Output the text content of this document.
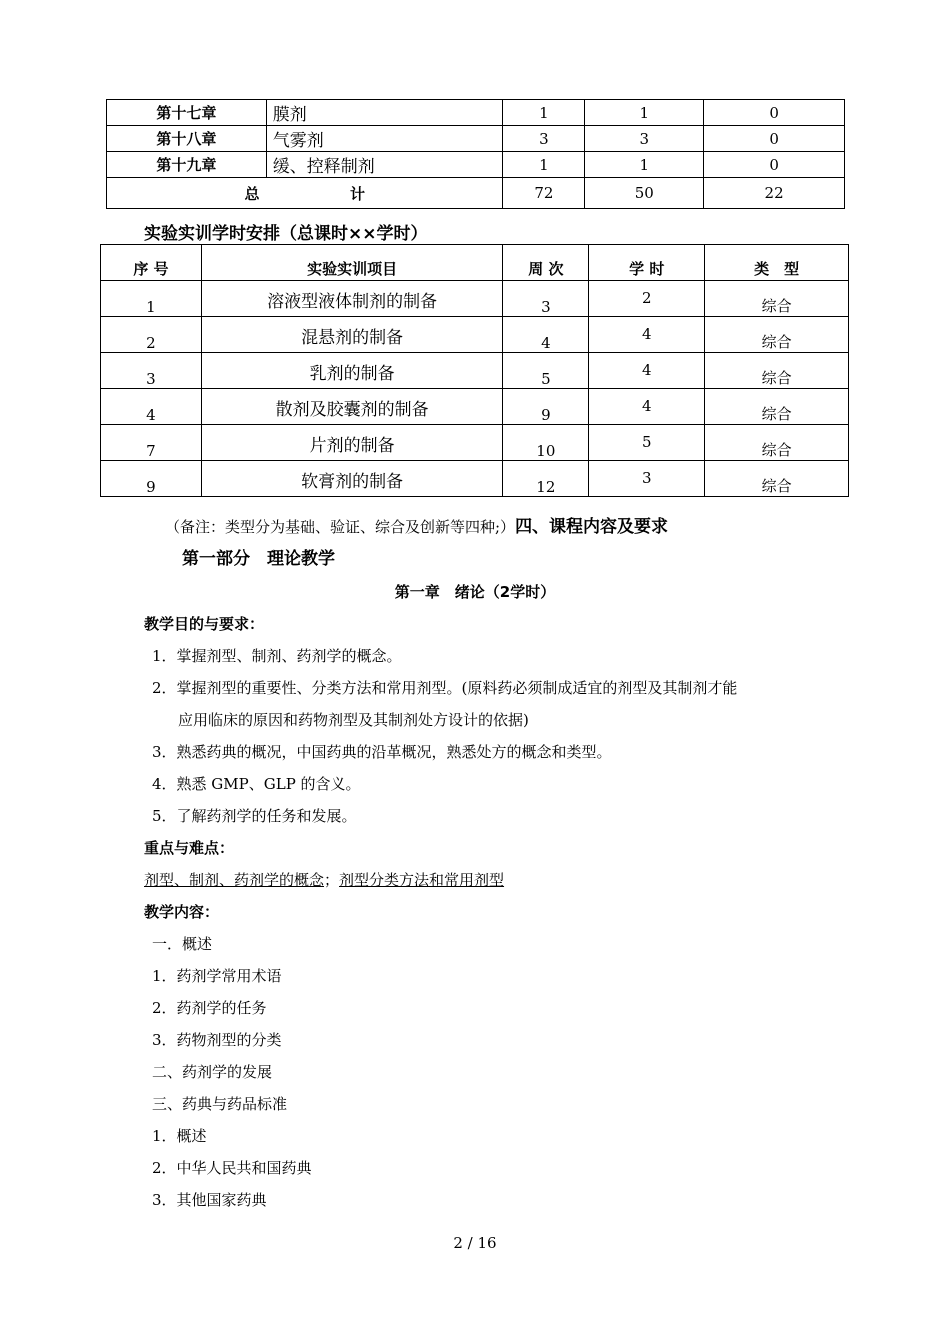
第十七章	膜剂	1	1	0
第十八章	气雾剂	3	3	0
第十九章	缓、控释制剂	1	1	0
总 计		72	50	22
实验实训学时安排（总课时××学时）
序 号	实验实训项目	周 次	学 时	类　型
1	溶液型液体制剂的制备	3	2	综合
2	混悬剂的制备	4	4	综合
3	乳剂的制备	5	4	综合
4	散剂及胶囊剂的制备	9	4	综合
7	片剂的制备	10	5	综合
9	软膏剂的制备	12	3	综合
（备注：类型分为基础、验证、综合及创新等四种;）四、课程内容及要求
第一部分　理论教学
第一章　绪论（2学时）
教学目的与要求：
1．掌握剂型、制剂、药剂学的概念。
2．掌握剂型的重要性、分类方法和常用剂型。(原料药必须制成适宜的剂型及其制剂才能
应用临床的原因和药物剂型及其制剂处方设计的依据)
3．熟悉药典的概况，中国药典的沿革概况，熟悉处方的概念和类型。
4．熟悉 GMP、GLP 的含义。
5．了解药剂学的任务和发展。
重点与难点：
剂型、制剂、药剂学的概念；剂型分类方法和常用剂型
教学内容：
一．概述
1．药剂学常用术语
2．药剂学的任务
3．药物剂型的分类
二、药剂学的发展
三、药典与药品标准
1．概述
2．中华人民共和国药典
3．其他国家药典
2 / 16
